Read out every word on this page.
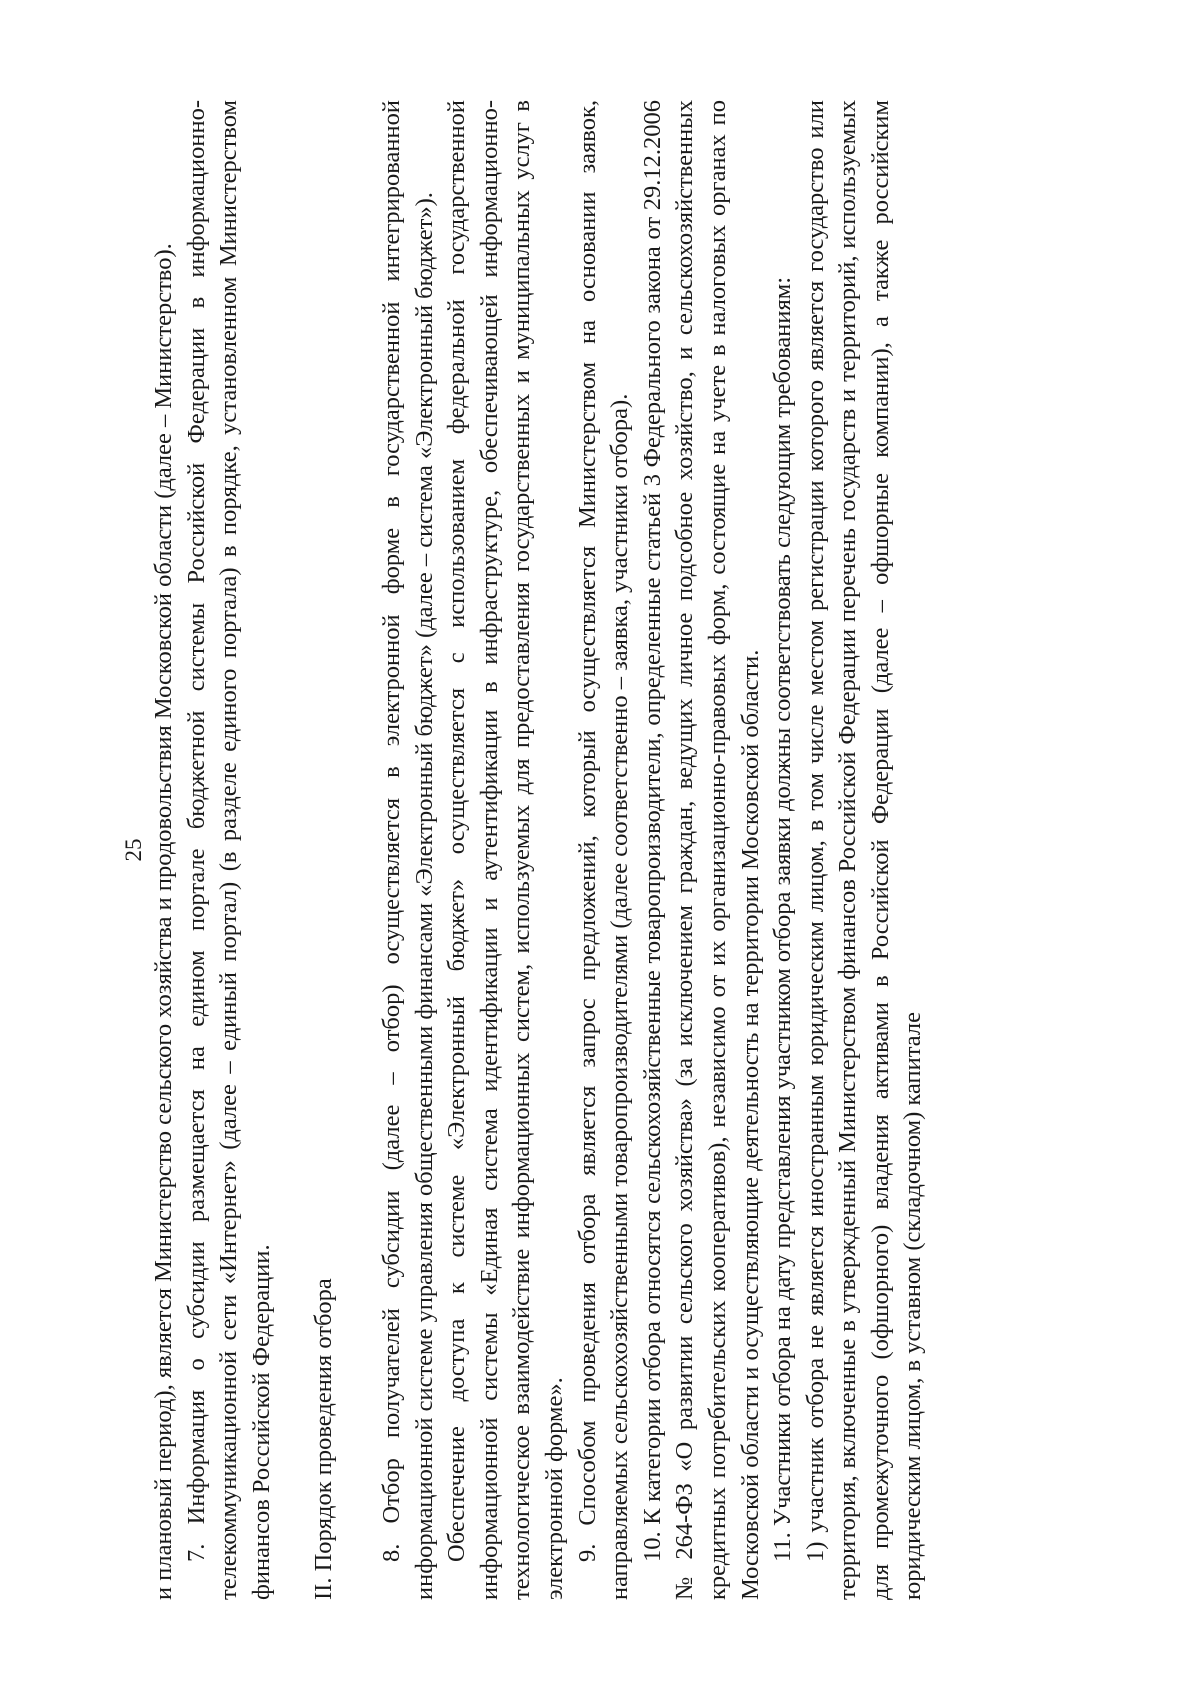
25 и плановый период), является Министерство сельского хозяйства и продовольствия Московской области (далее – Министерство). 7. Информация о субсидии размещается на едином портале бюджетной системы Российской Федерации в информационно-телекоммуникационной сети «Интернет» (далее – единый портал) (в разделе единого портала) в порядке, установленном Министерством финансов Российской Федерации. II. Порядок проведения отбора 8. Отбор получателей субсидии (далее – отбор) осуществляется в электронной форме в государственной интегрированной информационной системе управления общественными финансами «Электронный бюджет» (далее – система «Электронный бюджет»). Обеспечение доступа к системе «Электронный бюджет» осуществляется с использованием федеральной государственной информационной системы «Единая система идентификации и аутентификации в инфраструктуре, обеспечивающей информационно-технологическое взаимодействие информационных систем, используемых для предоставления государственных и муниципальных услуг в электронной форме». 9. Способом проведения отбора является запрос предложений, который осуществляется Министерством на основании заявок, направляемых сельскохозяйственными товаропроизводителями (далее соответственно – заявка, участники отбора). 10. К категории отбора относятся сельскохозяйственные товаропроизводители, определенные статьей 3 Федерального закона от 29.12.2006 № 264-ФЗ «О развитии сельского хозяйства» (за исключением граждан, ведущих личное подсобное хозяйство, и сельскохозяйственных кредитных потребительских кооперативов), независимо от их организационно-правовых форм, состоящие на учете в налоговых органах по Московской области и осуществляющие деятельность на территории Московской области. 11. Участники отбора на дату представления участником отбора заявки должны соответствовать следующим требованиям: 1) участник отбора не является иностранным юридическим лицом, в том числе местом регистрации которого является государство или территория, включенные в утвержденный Министерством финансов Российской Федерации перечень государств и территорий, используемых для промежуточного (офшорного) владения активами в Российской Федерации (далее – офшорные компании), а также российским юридическим лицом, в уставном (складочном) капитале
